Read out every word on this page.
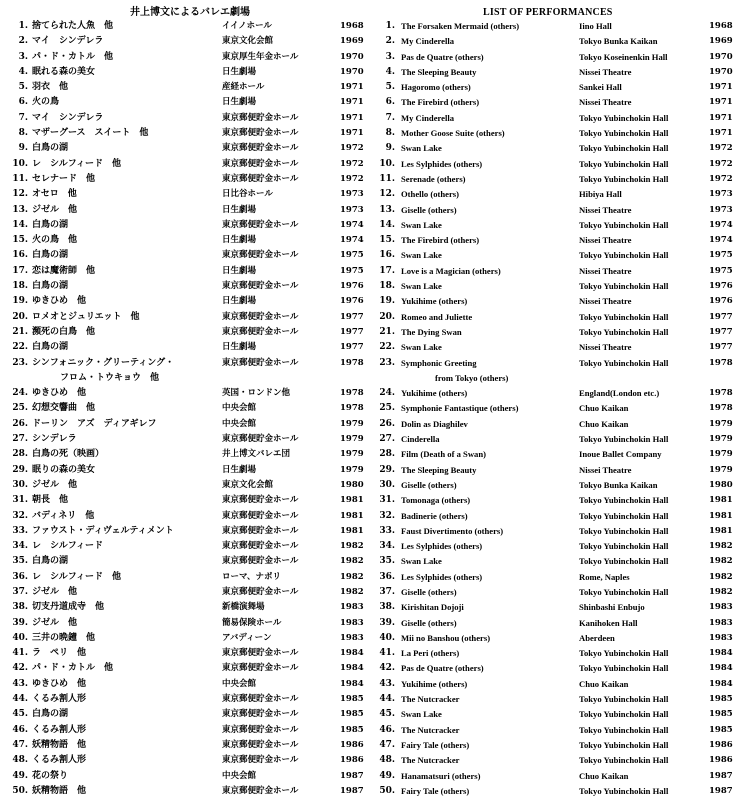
井上博文によるバレエ劇場
1. 捨てられた人魚　他	イイノホール	1968
2. マイ　シンデレラ	東京文化会館	1969
3. パ・ド・カトル　他	東京厚生年金ホール	1970
4. 眠れる森の美女	日生劇場	1970
5. 羽衣　他	産経ホール	1971
6. 火の鳥	日生劇場	1971
7. マイ　シンデレラ	東京郵便貯金ホール	1971
8. マザーグース　スイート　他	東京郵便貯金ホール	1971
9. 白鳥の湖	東京郵便貯金ホール	1972
10. レ　シルフィード　他	東京郵便貯金ホール	1972
11. セレナード　他	東京郵便貯金ホール	1972
12. オセロ　他	日比谷ホール	1973
13. ジゼル　他	日生劇場	1973
14. 白鳥の湖	東京郵便貯金ホール	1974
15. 火の鳥　他	日生劇場	1974
16. 白鳥の湖	東京郵便貯金ホール	1975
17. 恋は魔術師　他	日生劇場	1975
18. 白鳥の湖	東京郵便貯金ホール	1976
19. ゆきひめ　他	日生劇場	1976
20. ロメオとジュリエット　他	東京郵便貯金ホール	1977
21. 瀕死の白鳥　他	東京郵便貯金ホール	1977
22. 白鳥の湖	日生劇場	1977
23. シンフォニック・グリーティング・	東京郵便貯金ホール	1978
フロム・トウキョウ　他
24. ゆきひめ　他	英国・ロンドン他	1978
25. 幻想交響曲　他	中央会館	1978
26. ドーリン　アズ　ディアギレフ	中央会館	1979
27. シンデレラ	東京郵便貯金ホール	1979
28. 白鳥の死（映画）	井上博文バレエ団	1979
29. 眠りの森の美女	日生劇場	1979
30. ジゼル　他	東京文化会館	1980
31. 朝長　他	東京郵便貯金ホール	1981
32. バディネリ　他	東京郵便貯金ホール	1981
33. ファウスト・ディヴェルティメント	東京郵便貯金ホール	1981
34. レ　シルフィード	東京郵便貯金ホール	1982
35. 白鳥の湖	東京郵便貯金ホール	1982
36. レ　シルフィード　他	ローマ、ナポリ	1982
37. ジゼル　他	東京郵便貯金ホール	1982
38. 切支丹道成寺　他	新橋演舞場	1983
39. ジゼル　他	簡易保険ホール	1983
40. 三井の晩鐘　他	アバディーン	1983
41. ラ　ペリ　他	東京郵便貯金ホール	1984
42. パ・ド・カトル　他	東京郵便貯金ホール	1984
43. ゆきひめ　他	中央会館	1984
44. くるみ割人形	東京郵便貯金ホール	1985
45. 白鳥の湖	東京郵便貯金ホール	1985
46. くるみ割人形	東京郵便貯金ホール	1985
47. 妖精物語　他	東京郵便貯金ホール	1986
48. くるみ割人形	東京郵便貯金ホール	1986
49. 花の祭り	中央会館	1987
50. 妖精物語　他	東京郵便貯金ホール	1987
LIST OF PERFORMANCES
1. The Forsaken Mermaid (others)	Iino Hall	1968
2. My Cinderella	Tokyo Bunka Kaikan	1969
3. Pas de Quatre (others)	Tokyo Koseinenkin Hall	1970
4. The Sleeping Beauty	Nissei Theatre	1970
5. Hagoromo (others)	Sankei Hall	1971
6. The Firebird (others)	Nissei Theatre	1971
7. My Cinderella	Tokyo Yubinchokin Hall	1971
8. Mother Goose Suite (others)	Tokyo Yubinchokin Hall	1971
9. Swan Lake	Tokyo Yubinchokin Hall	1972
10. Les Sylphides (others)	Tokyo Yubinchokin Hall	1972
11. Serenade (others)	Tokyo Yubinchokin Hall	1972
12. Othello (others)	Hibiya Hall	1973
13. Giselle (others)	Nissei Theatre	1973
14. Swan Lake	Tokyo Yubinchokin Hall	1974
15. The Firebird (others)	Nissei Theatre	1974
16. Swan Lake	Tokyo Yubinchokin Hall	1975
17. Love is a Magician (others)	Nissei Theatre	1975
18. Swan Lake	Tokyo Yubinchokin Hall	1976
19. Yukihime (others)	Nissei Theatre	1976
20. Romeo and Juliette	Tokyo Yubinchokin Hall	1977
21. The Dying Swan	Tokyo Yubinchokin Hall	1977
22. Swan Lake	Nissei Theatre	1977
23. Symphonic Greeting	Tokyo Yubinchokin Hall	1978
from Tokyo (others)
24. Yukihime (others)	England(London etc.)	1978
25. Symphonie Fantastique (others)	Chuo Kaikan	1978
26. Dolin as Diaghilev	Chuo Kaikan	1979
27. Cinderella	Tokyo Yubinchokin Hall	1979
28. Film (Death of a Swan)	Inoue Ballet Company	1979
29. The Sleeping Beauty	Nissei Theatre	1979
30. Giselle (others)	Tokyo Bunka Kaikan	1980
31. Tomonaga (others)	Tokyo Yubinchokin Hall	1981
32. Badinerie (others)	Tokyo Yubinchokin Hall	1981
33. Faust Divertimento (others)	Tokyo Yubinchokin Hall	1981
34. Les Sylphides (others)	Tokyo Yubinchokin Hall	1982
35. Swan Lake	Tokyo Yubinchokin Hall	1982
36. Les Sylphides (others)	Rome, Naples	1982
37. Giselle (others)	Tokyo Yubinchokin Hall	1982
38. Kirishitan Dojoji	Shinbashi Enbujo	1983
39. Giselle (others)	Kanihoken Hall	1983
40. Mii no Banshou (others)	Aberdeen	1983
41. La Peri (others)	Tokyo Yubinchokin Hall	1984
42. Pas de Quatre (others)	Tokyo Yubinchokin Hall	1984
43. Yukihime (others)	Chuo Kaikan	1984
44. The Nutcracker	Tokyo Yubinchokin Hall	1985
45. Swan Lake	Tokyo Yubinchokin Hall	1985
46. The Nutcracker	Tokyo Yubinchokin Hall	1985
47. Fairy Tale (others)	Tokyo Yubinchokin Hall	1986
48. The Nutcracker	Tokyo Yubinchokin Hall	1986
49. Hanamatsuri (others)	Chuo Kaikan	1987
50. Fairy Tale (others)	Tokyo Yubinchokin Hall	1987
